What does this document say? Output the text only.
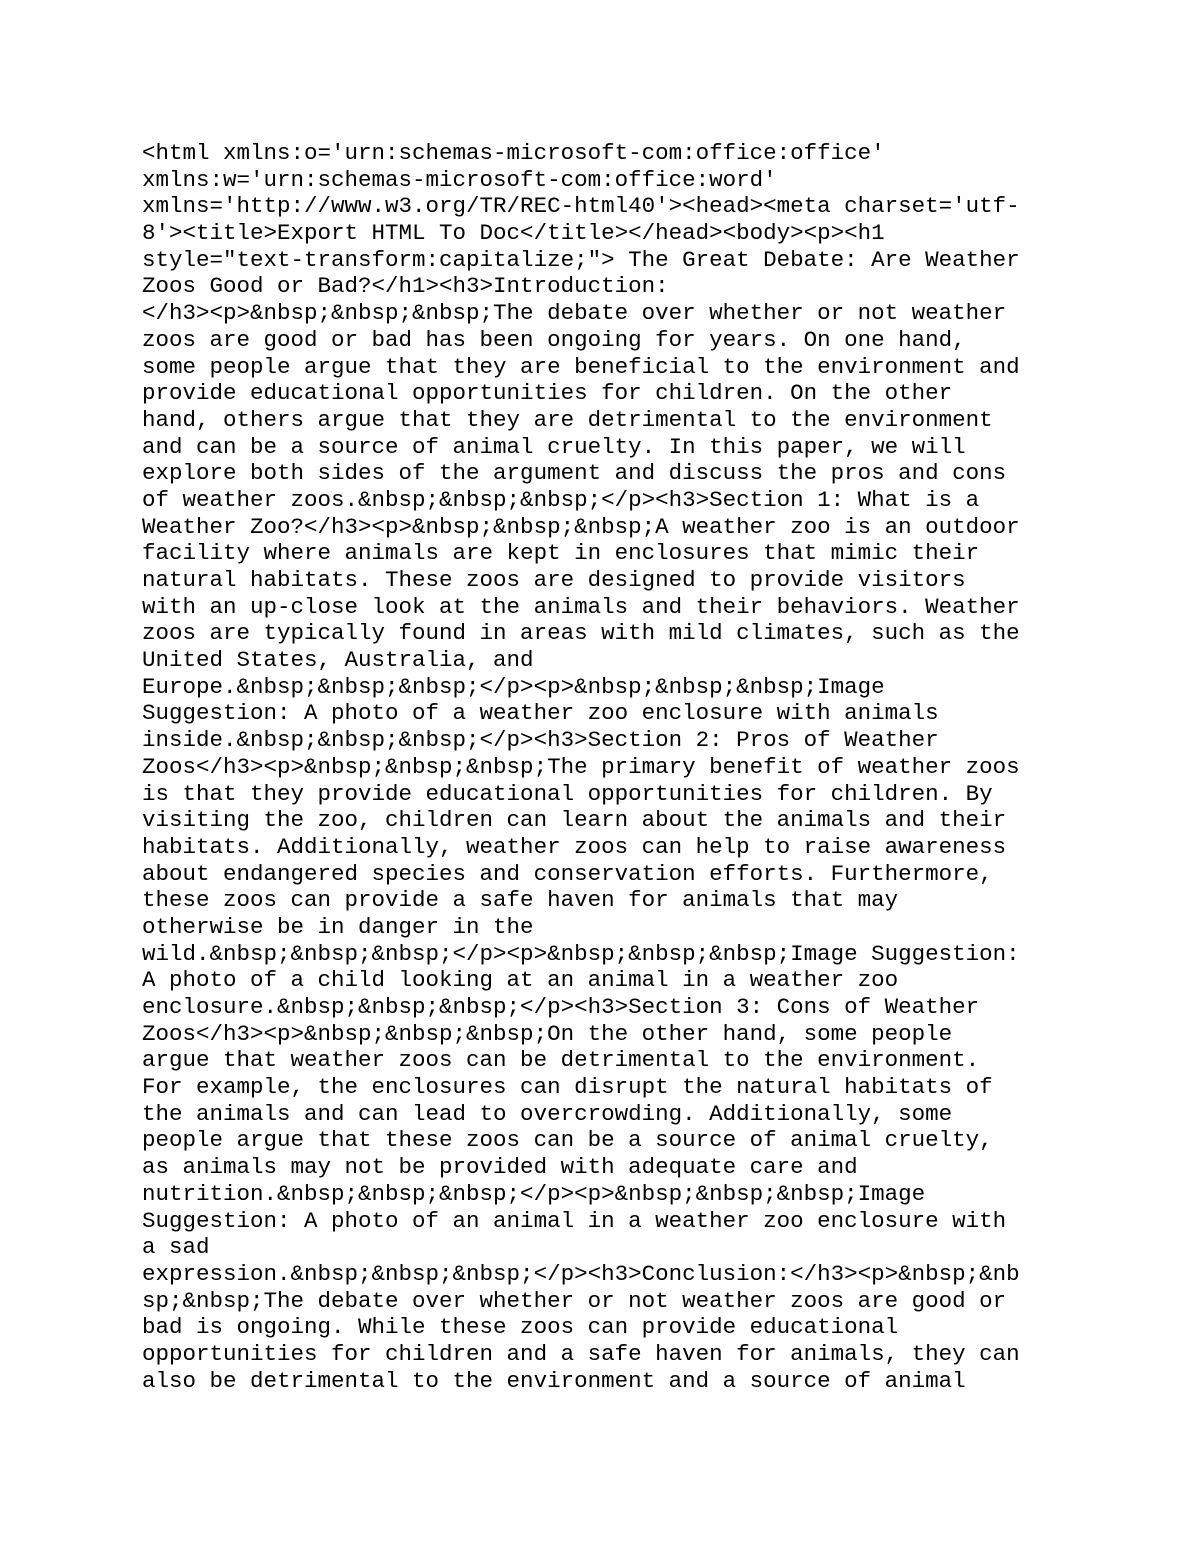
<html xmlns:o='urn:schemas-microsoft-com:office:office'
xmlns:w='urn:schemas-microsoft-com:office:word'
xmlns='http://www.w3.org/TR/REC-html40'><head><meta charset='utf-
8'><title>Export HTML To Doc</title></head><body><p><h1
style="text-transform:capitalize;"> The Great Debate: Are Weather
Zoos Good or Bad?</h1><h3>Introduction:
</h3><p>&nbsp;&nbsp;&nbsp;The debate over whether or not weather
zoos are good or bad has been ongoing for years. On one hand,
some people argue that they are beneficial to the environment and
provide educational opportunities for children. On the other
hand, others argue that they are detrimental to the environment
and can be a source of animal cruelty. In this paper, we will
explore both sides of the argument and discuss the pros and cons
of weather zoos.&nbsp;&nbsp;&nbsp;</p><h3>Section 1: What is a
Weather Zoo?</h3><p>&nbsp;&nbsp;&nbsp;A weather zoo is an outdoor
facility where animals are kept in enclosures that mimic their
natural habitats. These zoos are designed to provide visitors
with an up-close look at the animals and their behaviors. Weather
zoos are typically found in areas with mild climates, such as the
United States, Australia, and
Europe.&nbsp;&nbsp;&nbsp;</p><p>&nbsp;&nbsp;&nbsp;Image
Suggestion: A photo of a weather zoo enclosure with animals
inside.&nbsp;&nbsp;&nbsp;</p><h3>Section 2: Pros of Weather
Zoos</h3><p>&nbsp;&nbsp;&nbsp;The primary benefit of weather zoos
is that they provide educational opportunities for children. By
visiting the zoo, children can learn about the animals and their
habitats. Additionally, weather zoos can help to raise awareness
about endangered species and conservation efforts. Furthermore,
these zoos can provide a safe haven for animals that may
otherwise be in danger in the
wild.&nbsp;&nbsp;&nbsp;</p><p>&nbsp;&nbsp;&nbsp;Image Suggestion:
A photo of a child looking at an animal in a weather zoo
enclosure.&nbsp;&nbsp;&nbsp;</p><h3>Section 3: Cons of Weather
Zoos</h3><p>&nbsp;&nbsp;&nbsp;On the other hand, some people
argue that weather zoos can be detrimental to the environment.
For example, the enclosures can disrupt the natural habitats of
the animals and can lead to overcrowding. Additionally, some
people argue that these zoos can be a source of animal cruelty,
as animals may not be provided with adequate care and
nutrition.&nbsp;&nbsp;&nbsp;</p><p>&nbsp;&nbsp;&nbsp;Image
Suggestion: A photo of an animal in a weather zoo enclosure with
a sad
expression.&nbsp;&nbsp;&nbsp;</p><h3>Conclusion:</h3><p>&nbsp;&nb
sp;&nbsp;The debate over whether or not weather zoos are good or
bad is ongoing. While these zoos can provide educational
opportunities for children and a safe haven for animals, they can
also be detrimental to the environment and a source of animal
